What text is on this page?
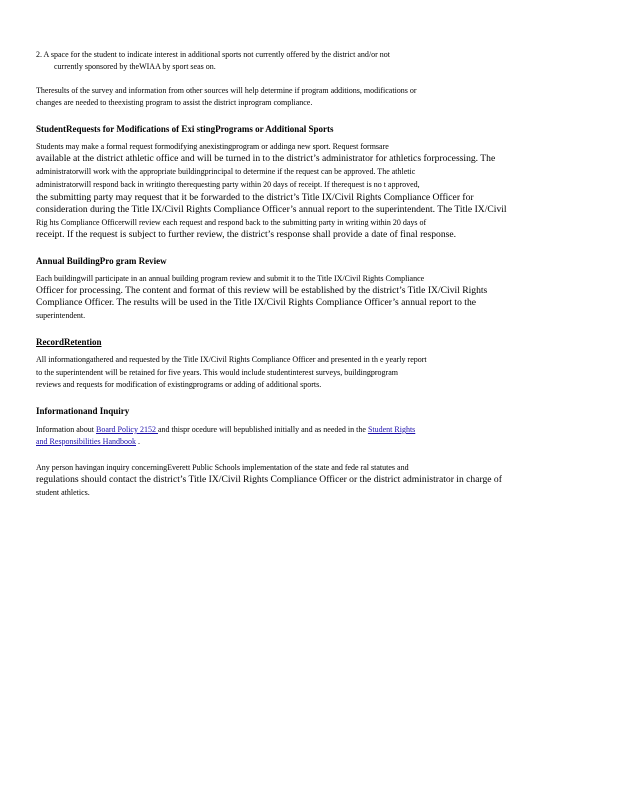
2. A space for the student to indicate interest in additional sports not currently offered by the district and/or not
currently sponsored by theWIAA by sport seas on.
Theresults of the survey and information from other sources will help determine if program additions, modifications or
changes are needed to theexisting program to assist the district inprogram compliance.
StudentRequests for Modifications of Exi stingPrograms or Additional Sports
Students may make a formal request formodifying anexistingprogram or addinga new sport. Request formsare
available at the district athletic office and will be turned in to the district’s administrator for athletics forprocessing. The
administratorwill work with the appropriate buildingprincipal to determine if the request can be approved. The athletic
administratorwill respond back in writingto therequesting party within 20 days of receipt. If therequest is no t approved,
the submitting party may request that it be forwarded to the district’s Title IX/Civil Rights Compliance Officer for
consideration during the Title IX/Civil Rights Compliance Officer’s annual report to the superintendent. The Title IX/Civil
Rig hts Compliance Officerwill review each request and respond back to the submitting party in writing within 20 days of
receipt. If the request is subject to further review, the district’s response shall provide a date of final response.
Annual BuildingPro gram Review
Each buildingwill participate in an annual building program review and submit it to the Title IX/Civil Rights Compliance
Officer for processing. The content and format of this review will be established by the district’s Title IX/Civil Rights
Compliance Officer. The results will be used in the Title IX/Civil Rights Compliance Officer’s annual report to the
superintendent.
RecordRetention
All informationgathered and requested by the Title IX/Civil Rights Compliance Officer and presented in th e yearly report
to the superintendent will be retained for five years. This would include studentinterest surveys, buildingprogram
reviews and requests for modification of existingprograms or adding of additional sports.
Informationand Inquiry
Information about Board Policy 2152 and thispr ocedure will bepublished initially and as needed in the Student Rights
and Responsibilities Handbook .
Any person havingan inquiry concerningEverett Public Schools implementation of the state and fede ral statutes and
regulations should contact the district’s Title IX/Civil Rights Compliance Officer or the district administrator in charge of
student athletics.
